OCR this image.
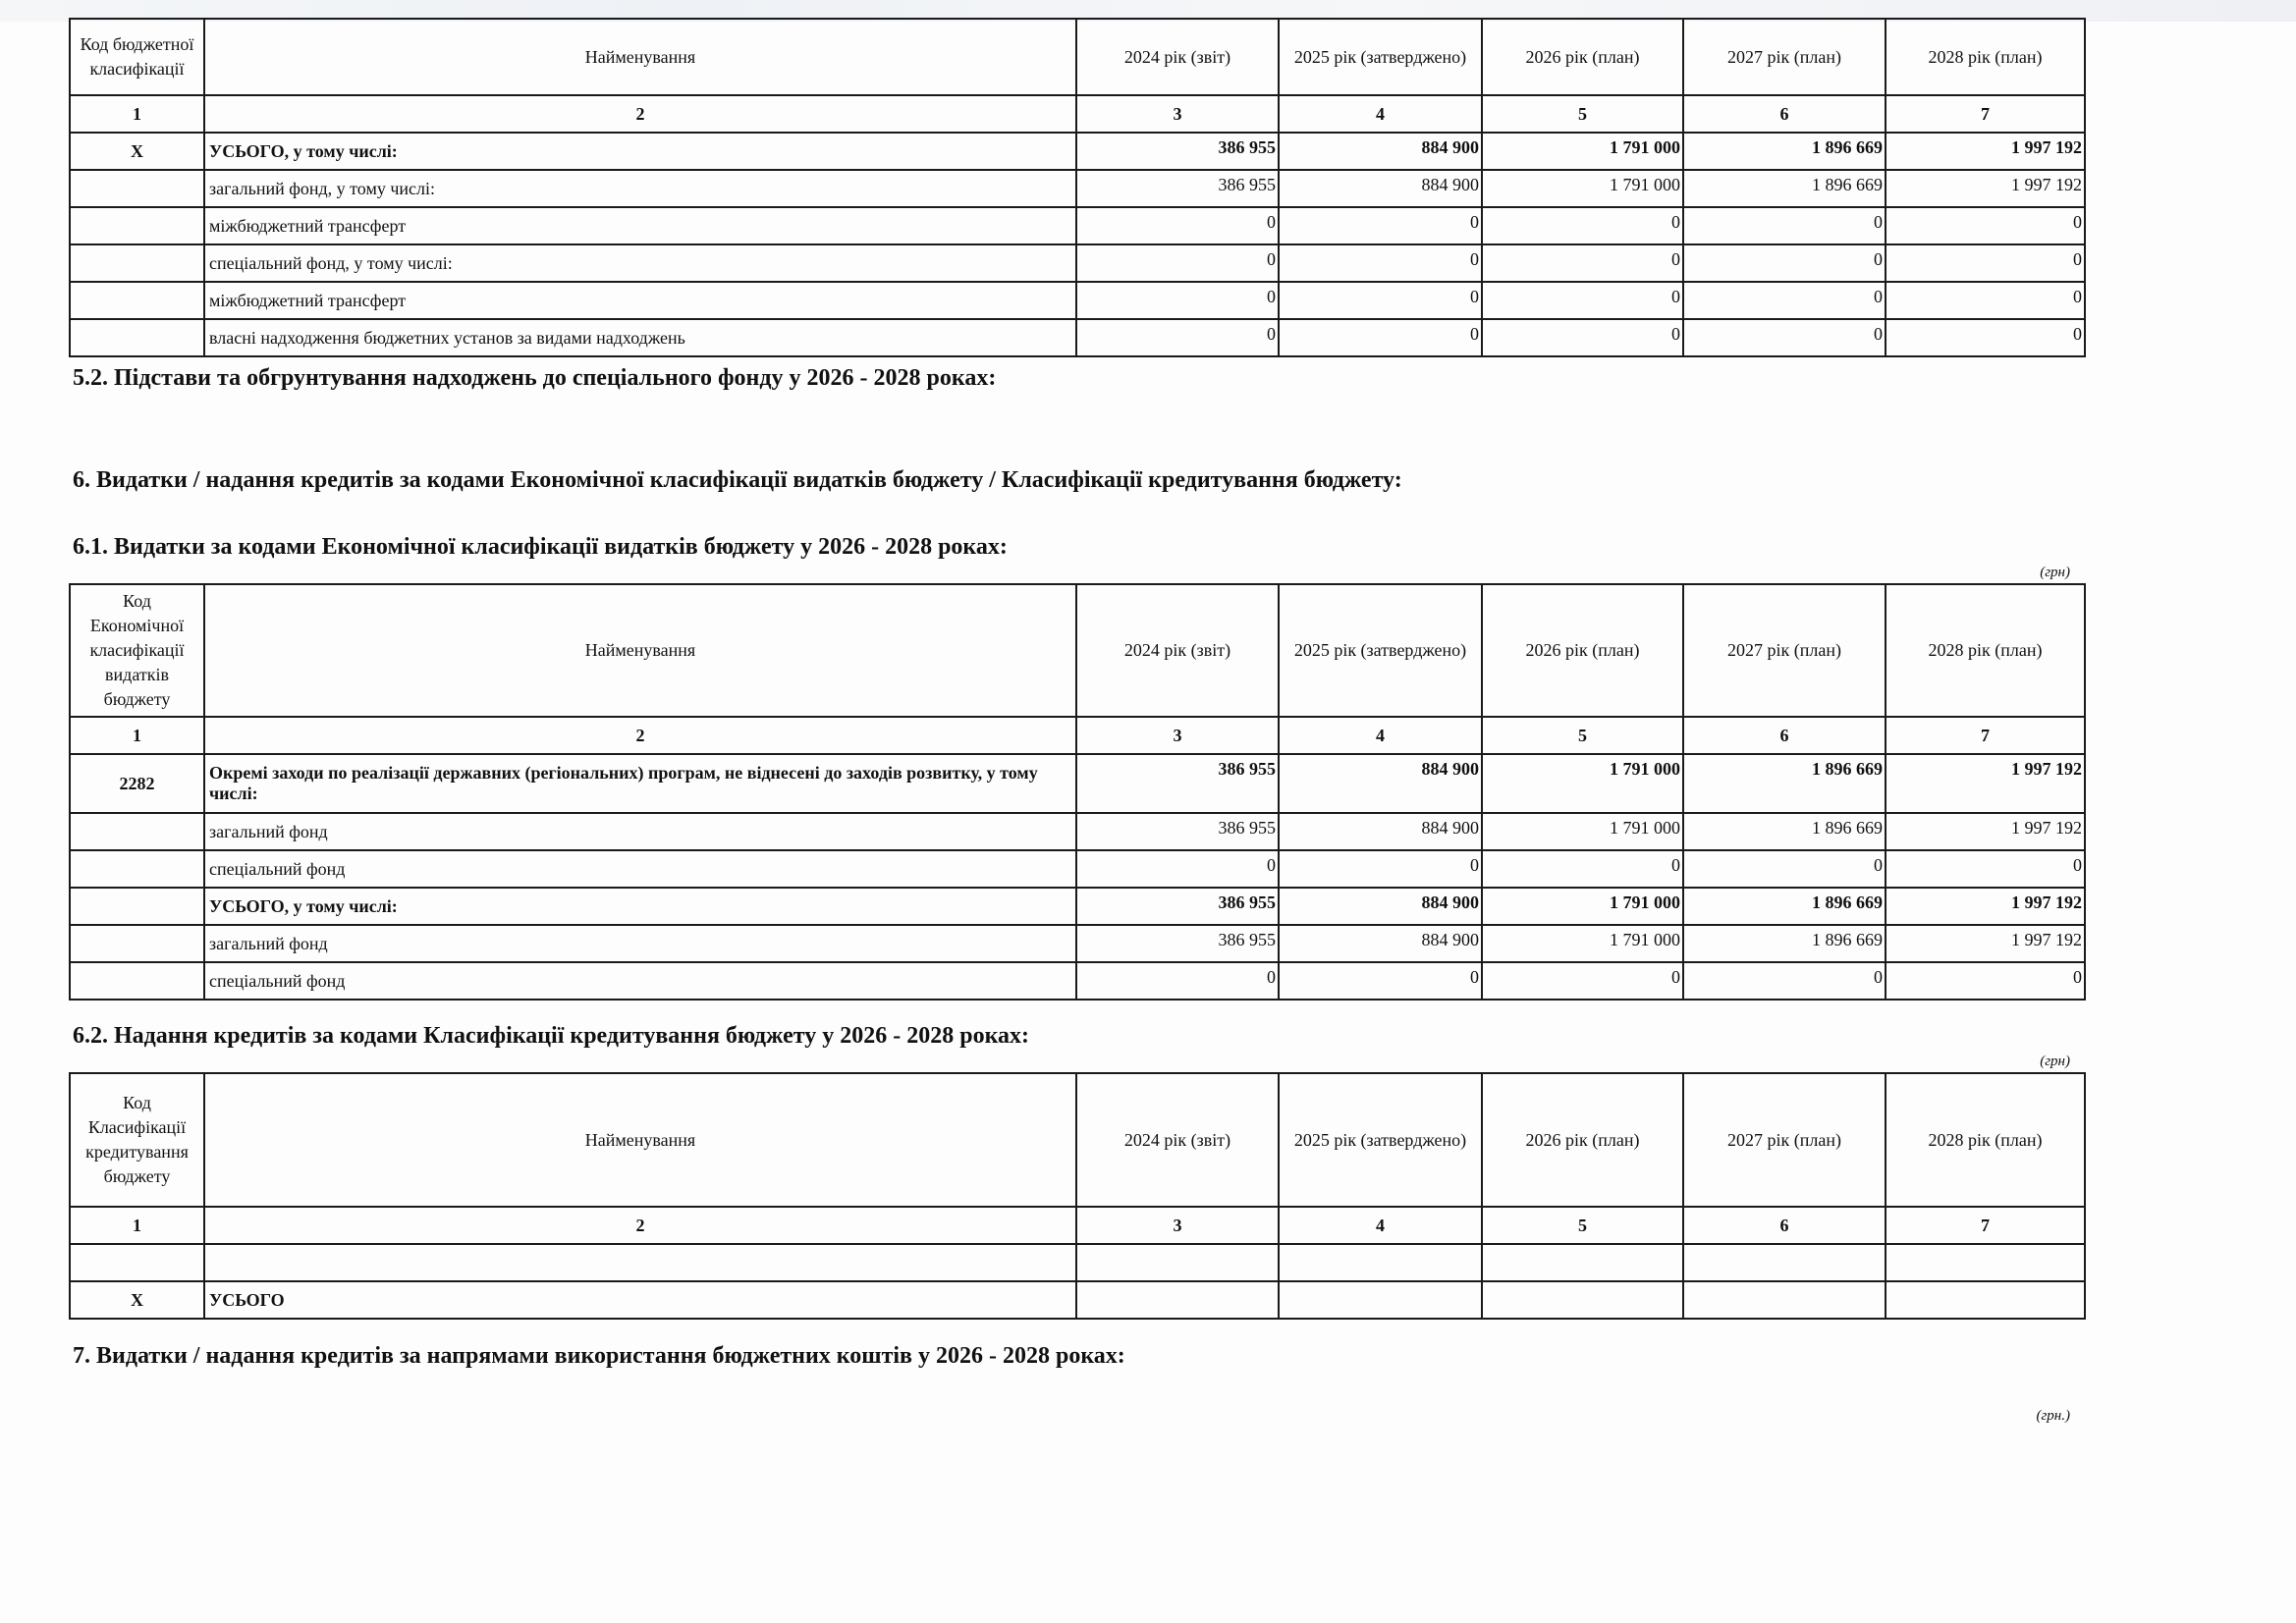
Код бюджетної класифікації	Найменування	2024 рік (звіт)	2025 рік (затверджено)	2026 рік (план)	2027 рік (план)	2028 рік (план)
1	2	3	4	5	6	7
X	УСЬОГО, у тому числі:	386 955	884 900	1 791 000	1 896 669	1 997 192
	загальний фонд, у тому числі:	386 955	884 900	1 791 000	1 896 669	1 997 192
	міжбюджетний трансферт	0	0	0	0	0
	спеціальний фонд, у тому числі:	0	0	0	0	0
	міжбюджетний трансферт	0	0	0	0	0
	власні надходження бюджетних установ за видами надходжень	0	0	0	0	0

5.2. Підстави та обгрунтування надходжень до спеціального фонду у 2026 - 2028 роках:

6. Видатки / надання кредитів за кодами Економічної класифікації видатків бюджету / Класифікації кредитування бюджету:

6.1. Видатки за кодами Економічної класифікації видатків бюджету у 2026 - 2028 роках:

(грн)
Код Економічної класифікації видатків бюджету	Найменування	2024 рік (звіт)	2025 рік (затверджено)	2026 рік (план)	2027 рік (план)	2028 рік (план)
1	2	3	4	5	6	7
2282	Окремі заходи по реалізації державних (регіональних) програм, не віднесені до заходів розвитку, у тому числі:	386 955	884 900	1 791 000	1 896 669	1 997 192
	загальний фонд	386 955	884 900	1 791 000	1 896 669	1 997 192
	спеціальний фонд	0	0	0	0	0
	УСЬОГО, у тому числі:	386 955	884 900	1 791 000	1 896 669	1 997 192
	загальний фонд	386 955	884 900	1 791 000	1 896 669	1 997 192
	спеціальний фонд	0	0	0	0	0

6.2. Надання кредитів за кодами Класифікації кредитування бюджету у 2026 - 2028 роках:

(грн)
Код Класифікації кредитування бюджету	Найменування	2024 рік (звіт)	2025 рік (затверджено)	2026 рік (план)	2027 рік (план)	2028 рік (план)
1	2	3	4	5	6	7

X	УСЬОГО					

7. Видатки / надання кредитів за напрямами використання бюджетних коштів у 2026 - 2028 роках:

(грн.)
